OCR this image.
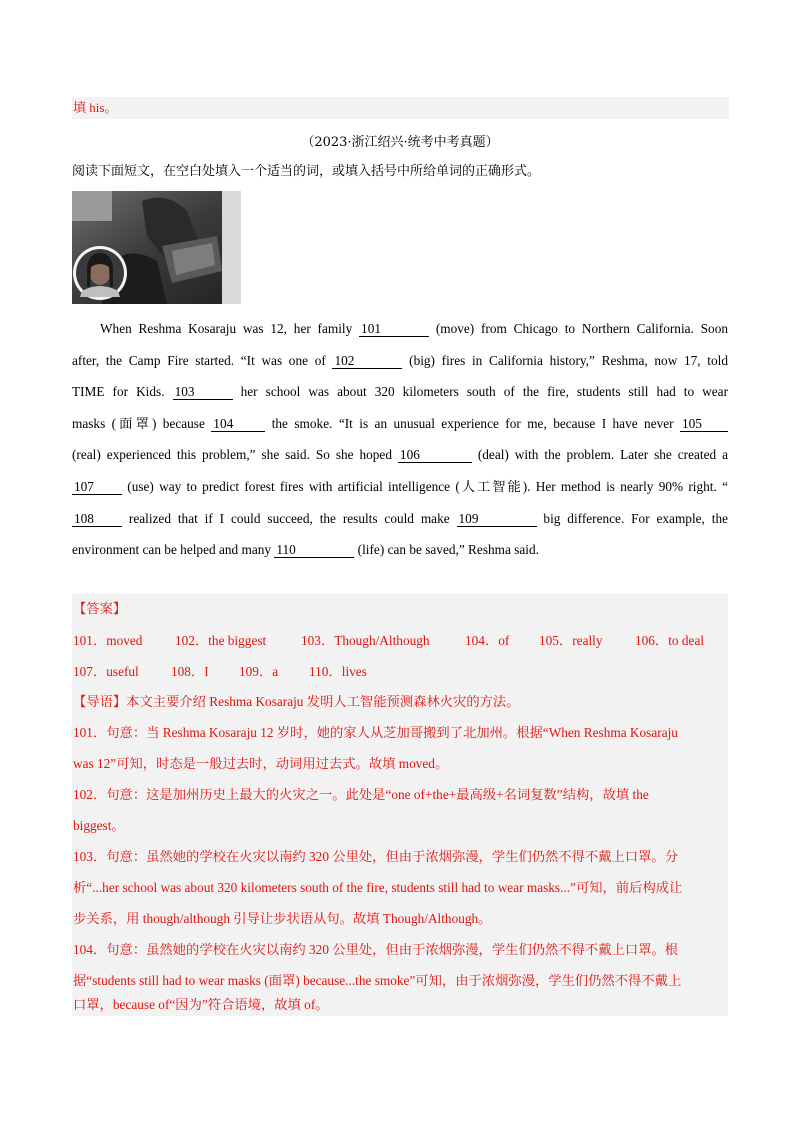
填 his。
（2023·浙江绍兴·统考中考真题）
阅读下面短文，在空白处填入一个适当的词，或填入括号中所给单词的正确形式。
When Reshma Kosaraju was 12, her family 101	(move) from Chicago to Northern California. Soon
after, the Camp Fire started. “It was one of 102	(big) fires in California history,” Reshma, now 17, told
TIME for Kids. 103	her school was about 320 kilometers south of the fire, students still had to wear
masks (面罩) because 104	the smoke. “It is an unusual experience for me, because I have never 105
(real) experienced this problem,” she said. So she hoped 106	(deal) with the problem. Later she created a
107	(use) way to predict forest fires with artificial intelligence (人工智能). Her method is nearly 90% right. “
108	realized that if I could succeed, the results could make 109	big difference. For example, the
environment can be helped and many 110	(life) can be saved,” Reshma said.
【答案】
101．moved 102．the biggest	103．Though/Although	104．of 105．really 106．to deal
107．useful 108．I 109．a 110．lives
【导语】本文主要介绍 Reshma Kosaraju 发明人工智能预测森林火灾的方法。
101．句意：当 Reshma Kosaraju 12 岁时，她的家人从芝加哥搬到了北加州。根据“When Reshma Kosaraju
was 12”可知，时态是一般过去时，动词用过去式。故填 moved。
102．句意：这是加州历史上最大的火灾之一。此处是“one of+the+最高级+名词复数”结构，故填 the
biggest。
103．句意：虽然她的学校在火灾以南约 320 公里处，但由于浓烟弥漫，学生们仍然不得不戴上口罩。分
析“...her school was about 320 kilometers south of the fire, students still had to wear masks...”可知，前后构成让
步关系，用 though/although 引导让步状语从句。故填 Though/Although。
104．句意：虽然她的学校在火灾以南约 320 公里处，但由于浓烟弥漫，学生们仍然不得不戴上口罩。根
据“students still had to wear masks (面罩) because...the smoke”可知，由于浓烟弥漫，学生们仍然不得不戴上
口罩，because of“因为”符合语境，故填 of。
